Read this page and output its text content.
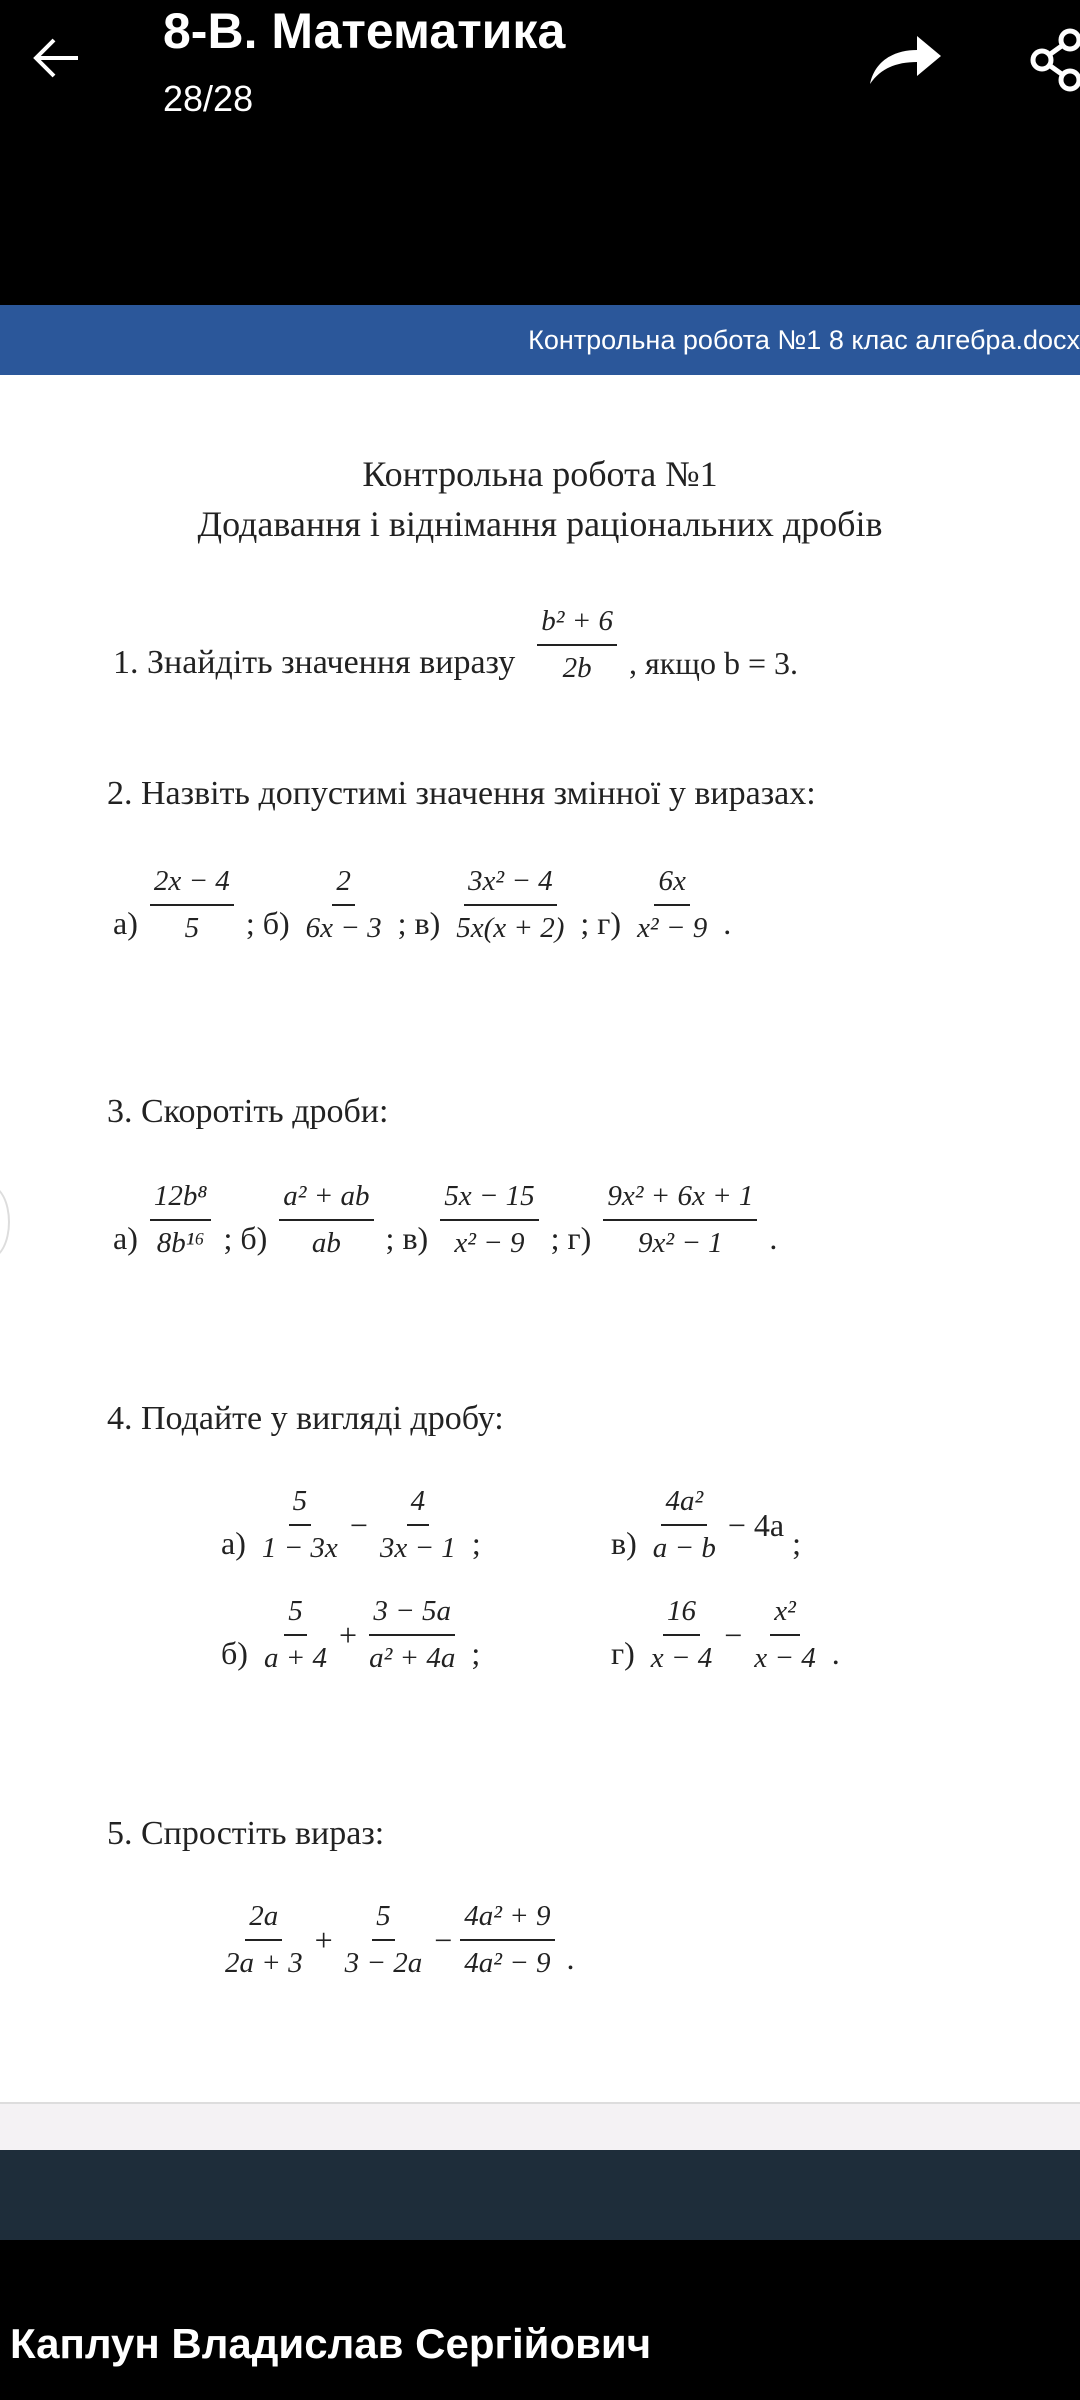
8-В. Математика
28/28
Контрольна робота №1 8 клас алгебра.docx
Контрольна робота №1
Додавання і віднімання раціональних дробів
1. Знайдіть значення виразу $\frac{\text{b² + 6}}{2b}$ , якщо b = 3.
2. Назвіть допустимі значення змінної у виразах:
$а) \frac{2x - 4}{5}$ ; $б) \frac{2}{6x - 3}$ ; $в) \frac{\text{3x² − 4}}{5x(x + 2)}$ ; $г) \frac{6x}{\text{x² − 9}}$ .
3. Скоротіть дроби:
$а) \frac{\text{12b⁸}}{\text{8b¹⁶}}$ ; $б) \frac{\text{a² + ab}}{ab}$ ; $в) \frac{5x - 15}{\text{x² − 9}}$ ; $г) \frac{\text{9x² + 6x + 1}}{\text{9x² − 1}}$ .
4. Подайте у вигляді дробу:
$а) \frac{5}{1 - 3x} - \frac{4}{3x - 1}$ ;	$в) \frac{\text{4a²}}{a - b} - 4a$ ;
$б) \frac{5}{a + 4} + \frac{3 - 5a}{\text{a² + 4a}}$ ;	$г) \frac{16}{x - 4} - \frac{\text{x²}}{x - 4}$ .
5. Спростіть вираз:
$\frac{2a}{2a + 3} + \frac{5}{3 - 2a} - \frac{\text{4a² + 9}}{\text{4a² − 9}}$ .
Каплун Владислав Сергійович
